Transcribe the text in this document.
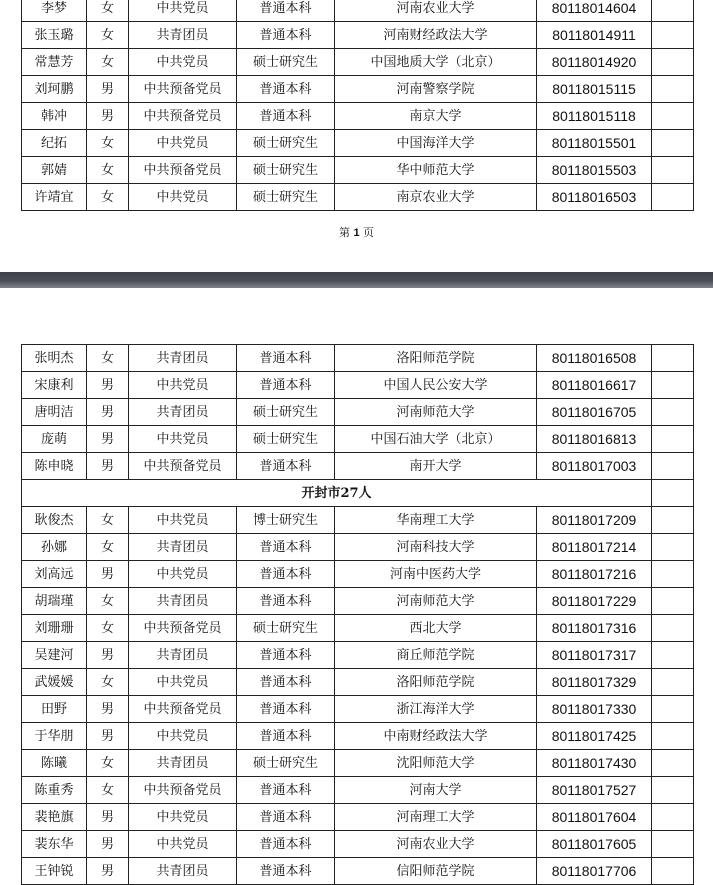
李梦	女	中共党员	普通本科	河南农业大学	80118014604	
张玉璐	女	共青团员	普通本科	河南财经政法大学	80118014911	
常慧芳	女	中共党员	硕士研究生	中国地质大学（北京）	80118014920	
刘珂鹏	男	中共预备党员	普通本科	河南警察学院	80118015115	
韩冲	男	中共预备党员	普通本科	南京大学	80118015118	
纪拓	女	中共党员	硕士研究生	中国海洋大学	80118015501	
郭婧	女	中共预备党员	硕士研究生	华中师范大学	80118015503	
许靖宜	女	中共党员	硕士研究生	南京农业大学	80118016503	
第 1 页
张明杰	女	共青团员	普通本科	洛阳师范学院	80118016508	
宋康利	男	中共党员	普通本科	中国人民公安大学	80118016617	
唐明洁	男	共青团员	硕士研究生	河南师范大学	80118016705	
庞萌	男	中共党员	硕士研究生	中国石油大学（北京）	80118016813	
陈申晓	男	中共预备党员	普通本科	南开大学	80118017003	
开封市27人						
耿俊杰	女	中共党员	博士研究生	华南理工大学	80118017209	
孙娜	女	共青团员	普通本科	河南科技大学	80118017214	
刘高远	男	中共党员	普通本科	河南中医药大学	80118017216	
胡瑞瑾	女	共青团员	普通本科	河南师范大学	80118017229	
刘珊珊	女	中共预备党员	硕士研究生	西北大学	80118017316	
吴建河	男	共青团员	普通本科	商丘师范学院	80118017317	
武媛媛	女	中共党员	普通本科	洛阳师范学院	80118017329	
田野	男	中共预备党员	普通本科	浙江海洋大学	80118017330	
于华朋	男	中共党员	普通本科	中南财经政法大学	80118017425	
陈曦	女	共青团员	硕士研究生	沈阳师范大学	80118017430	
陈重秀	女	中共预备党员	普通本科	河南大学	80118017527	
裴艳旗	男	中共党员	普通本科	河南理工大学	80118017604	
裴东华	男	中共党员	普通本科	河南农业大学	80118017605	
王钟锐	男	共青团员	普通本科	信阳师范学院	80118017706	
